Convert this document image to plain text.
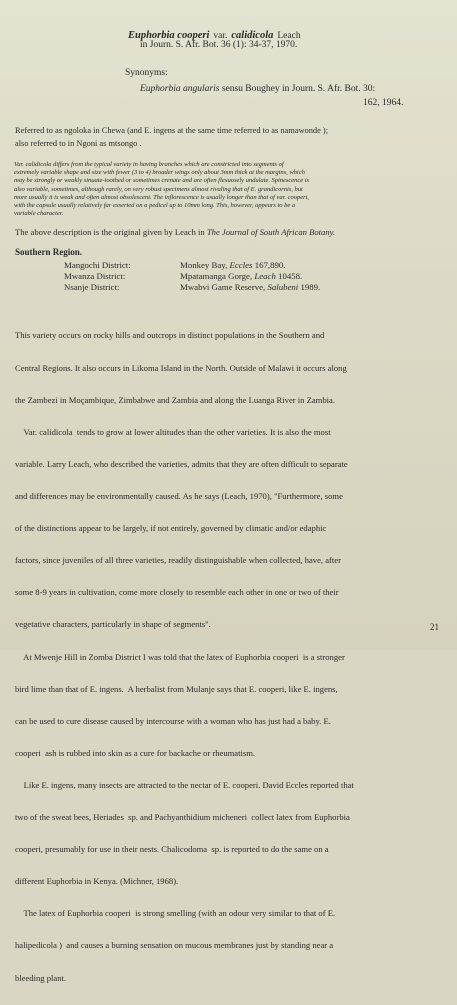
Euphorbia cooperi var. calidicola Leach
in Journ. S. Afr. Bot. 36 (1): 34-37, 1970.
Synonyms:
Euphorbia angularis sensu Boughey in Journ. S. Afr. Bot. 30:
162, 1964.
Referred to as ngoloka in Chewa (and E. ingens at the same time referred to as namawonde );
also referred to in Ngoni as mtsongo .
Var. calidicola differs from the typical variety in having branches which are constricted into segments of
extremely variable shape and size with fewer (3 to 4) broader wings only about 3mm thick at the margins, which
may be strongly or weakly sinuate-toothed or sometimes crenate and are often flexuosely undulate. Spinescence is
also variable, sometimes, although rarely, on very robust specimens almost rivaling that of E. grandicornis, but
more usually it is weak and often almost obsolescent. The inflorescence is usually longer than that of var. cooperi,
with the capsule usually relatively far exserted on a pedicel up to 10mm long. This, however, appears to be a
variable character.
The above description is the original given by Leach in The Journal of South African Botany.
Southern Region.
Mangochi District:
Mwanza District:
Nsanje District:
Monkey Bay, Eccles 167,890.
Mpatamanga Gorge, Leach 10458.
Mwabvi Game Reserve, Salubeni 1989.

This variety occurs on rocky hills and outcrops in distinct populations in the Southern and

Central Regions. It also occurs in Likoma Island in the North. Outside of Malawi it occurs along

the Zambezi in Moçambique, Zimbabwe and Zambia and along the Luanga River in Zambia.

Var. calidicola  tends to grow at lower altitudes than the other varieties. It is also the most

variable. Larry Leach, who described the varieties, admits that they are often difficult to separate

and differences may be environmentally caused. As he says (Leach, 1970), "Furthermore, some

of the distinctions appear to be largely, if not entirely, governed by climatic and/or edaphic

factors, since juveniles of all three varieties, readily distinguishable when collected, have, after

some 8-9 years in cultivation, come more closely to resemble each other in one or two of their

vegetative characters, particularly in shape of segments".

At Mwenje Hill in Zomba District I was told that the latex of Euphorbia cooperi  is a stronger

bird lime than that of E. ingens.  A herbalist from Mulanje says that E. cooperi, like E. ingens,

can be used to cure disease caused by intercourse with a woman who has just had a baby. E.

cooperi  ash is rubbed into skin as a cure for backache or rheumatism.

Like E. ingens, many insects are attracted to the nectar of E. cooperi. David Eccles reported that

two of the sweat bees, Heriades  sp. and Pachyanthidium micheneri  collect latex from Euphorbia

cooperi, presumably for use in their nests. Chalicodoma  sp. is reported to do the same on a

different Euphorbia in Kenya. (Michner, 1968).

The latex of Euphorbia cooperi  is strong smelling (with an odour very similar to that of E.

halipedicola )  and causes a burning sensation on mucous membranes just by standing near a

bleeding plant.

21
